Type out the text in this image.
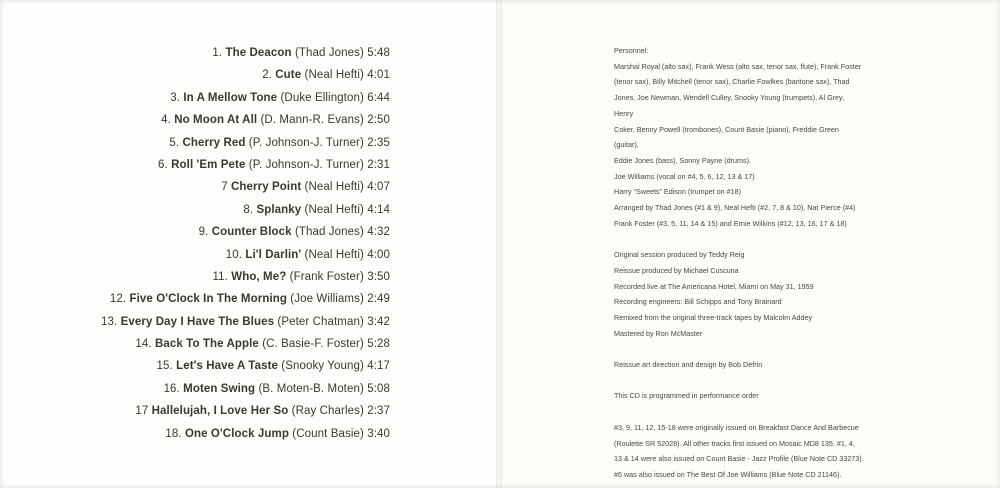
1. The Deacon (Thad Jones) 5:48
2. Cute (Neal Hefti) 4:01
3. In A Mellow Tone (Duke Ellington) 6:44
4. No Moon At All (D. Mann-R. Evans) 2:50
5. Cherry Red (P. Johnson-J. Turner) 2:35
6. Roll 'Em Pete (P. Johnson-J. Turner) 2:31
7 Cherry Point (Neal Hefti) 4:07
8. Splanky (Neal Hefti) 4:14
9. Counter Block (Thad Jones) 4:32
10. Li'l Darlin' (Neal Hefti) 4:00
11. Who, Me? (Frank Foster) 3:50
12. Five O'Clock In The Morning (Joe Williams) 2:49
13. Every Day I Have The Blues (Peter Chatman) 3:42
14. Back To The Apple (C. Basie-F. Foster) 5:28
15. Let's Have A Taste (Snooky Young) 4:17
16. Moten Swing (B. Moten-B. Moten) 5:08
17 Hallelujah, I Love Her So (Ray Charles) 2:37
18. One O'Clock Jump (Count Basie) 3:40

Personnel:

Marshal Royal (alto sax), Frank Wess (alto sax, tenor sax, flute), Frank Foster

(tenor sax), Billy Mitchell (tenor sax), Charlie Fowlkes (baritone sax), Thad

Jones, Joe Newman, Wendell Culley, Snooky Young (trumpets), Al Grey, Henry

Coker, Benny Powell (trombones), Count Basie (piano), Freddie Green (guitar),

Eddie Jones (bass), Sonny Payne (drums).

Joe Williams (vocal on #4, 5, 6, 12, 13 & 17)

Harry “Sweets” Edison (trumpet on #18)

Arranged by Thad Jones (#1 & 9), Neal Hefti (#2, 7, 8 & 10), Nat Pierce (#4)

Frank Foster (#3, 5, 11, 14 & 15) and Ernie Wilkins (#12, 13, 16, 17 & 18)

Original session produced by Teddy Reig

Reissue produced by Michael Cuscuna

Recorded live at The Americana Hotel, Miami on May 31, 1959

Recording engineers: Bill Schipps and Tony Brainard

Remixed from the original three-track tapes by Malcolm Addey

Mastered by Ron McMaster

Reissue art direction and design by Bob Defrin

This CD is programmed in performance order

#3, 9, 11, 12, 15-18 were originally issued on Breakfast Dance And Barbecue

(Roulette SR 52028). All other tracks first issued on Mosaic MD8 135. #1, 4,

13 & 14 were also issued on Count Basie - Jazz Profile (Blue Note CD 33273).

#6 was also issued on The Best Of Joe Williams (Blue Note CD 21146).
